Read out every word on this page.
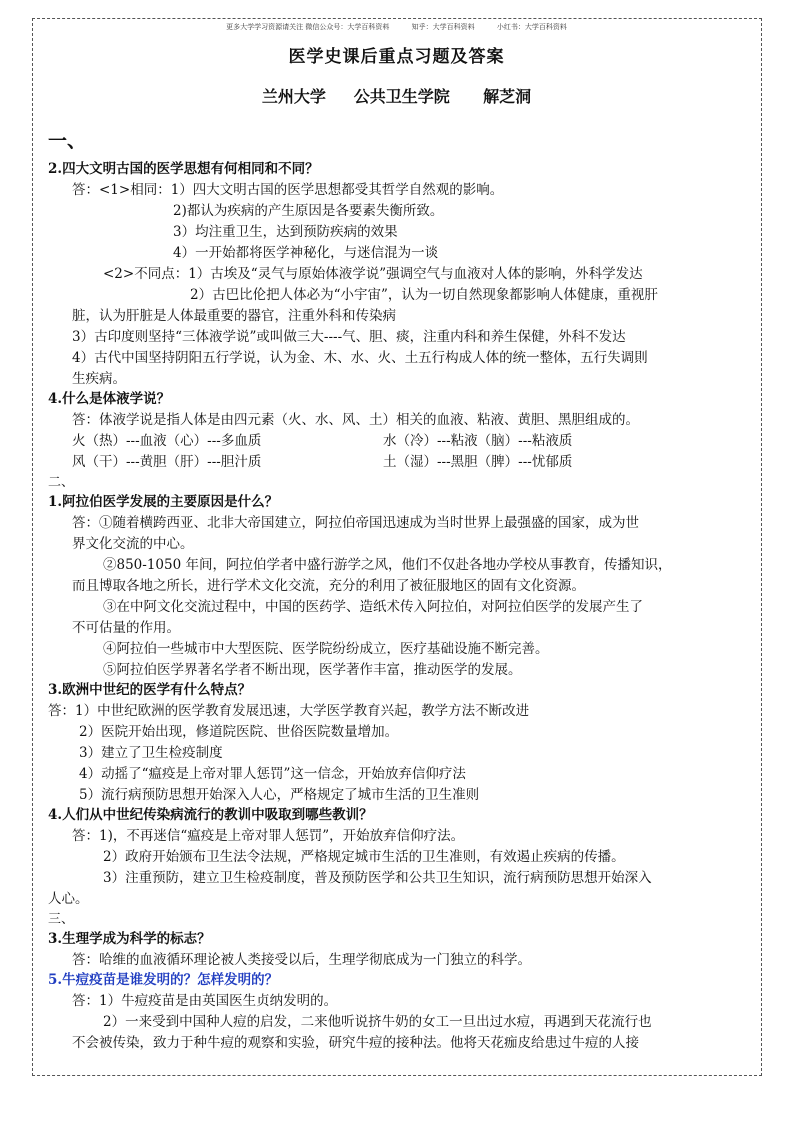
更多大学学习资源请关注 微信公众号：大学百科资料	知乎：大学百科资料	小红书：大学百科资料
医学史课后重点习题及答案
兰州大学     公共卫生学院      解芝洞
一、
2.四大文明古国的医学思想有何相同和不同？
答：<1>相同：1）四大文明古国的医学思想都受其哲学自然观的影响。
2)都认为疾病的产生原因是各要素失衡所致。
3）均注重卫生，达到预防疾病的效果
4）一开始都将医学神秘化，与迷信混为一谈
<2>不同点：1）古埃及“灵气与原始体液学说”强调空气与血液对人体的影响，外科学发达
2）古巴比伦把人体必为“小宇宙”，认为一切自然现象都影响人体健康，重视肝
脏，认为肝脏是人体最重要的器官，注重外科和传染病
3）古印度则坚持“三体液学说”或叫做三大----气、胆、痰，注重内科和养生保健，外科不发达
4）古代中国坚持阴阳五行学说，认为金、木、水、火、土五行构成人体的统一整体，五行失调則
生疾病。
4.什么是体液学说？
答：体液学说是指人体是由四元素（火、水、风、土）相关的血液、粘液、黄胆、黑胆组成的。
火（热）---血液（心）---多血质	水（冷）---粘液（脑）---粘液质
风（干）---黄胆（肝）---胆汁质	土（湿）---黑胆（脾）---忧郁质
二、
1.阿拉伯医学发展的主要原因是什么？
答：①随着横跨西亚、北非大帝国建立，阿拉伯帝国迅速成为当时世界上最强盛的国家，成为世
界文化交流的中心。
②850-1050 年间，阿拉伯学者中盛行游学之风，他们不仅赴各地办学校从事教育，传播知识，
而且博取各地之所长，进行学术文化交流，充分的利用了被征服地区的固有文化资源。
③在中阿文化交流过程中，中国的医药学、造纸术传入阿拉伯，对阿拉伯医学的发展产生了
不可估量的作用。
④阿拉伯一些城市中大型医院、医学院纷纷成立，医疗基础设施不断完善。
⑤阿拉伯医学界著名学者不断出现，医学著作丰富，推动医学的发展。
3.欧洲中世纪的医学有什么特点？
答：1）中世纪欧洲的医学教育发展迅速，大学医学教育兴起，教学方法不断改进
2）医院开始出现，修道院医院、世俗医院数量增加。
3）建立了卫生检疫制度
4）动摇了“瘟疫是上帝对罪人惩罚”这一信念，开始放弃信仰疗法
5）流行病预防思想开始深入人心，严格规定了城市生活的卫生准则
4.人们从中世纪传染病流行的教训中吸取到哪些教训？
答：1)，不再迷信“瘟疫是上帝对罪人惩罚”，开始放弃信仰疗法。
2）政府开始颁布卫生法令法规，严格规定城市生活的卫生准则，有效遏止疾病的传播。
3）注重预防，建立卫生检疫制度，普及预防医学和公共卫生知识，流行病预防思想开始深入
人心。
三、
3.生理学成为科学的标志？
答：哈维的血液循环理论被人类接受以后，生理学彻底成为一门独立的科学。
5.牛痘疫苗是谁发明的？怎样发明的？
答：1）牛痘疫苗是由英国医生贞纳发明的。
2）一来受到中国种人痘的启发，二来他听说挤牛奶的女工一旦出过水痘，再遇到天花流行也
不会被传染，致力于种牛痘的观察和实验，研究牛痘的接种法。他将天花痂皮给患过牛痘的人接
